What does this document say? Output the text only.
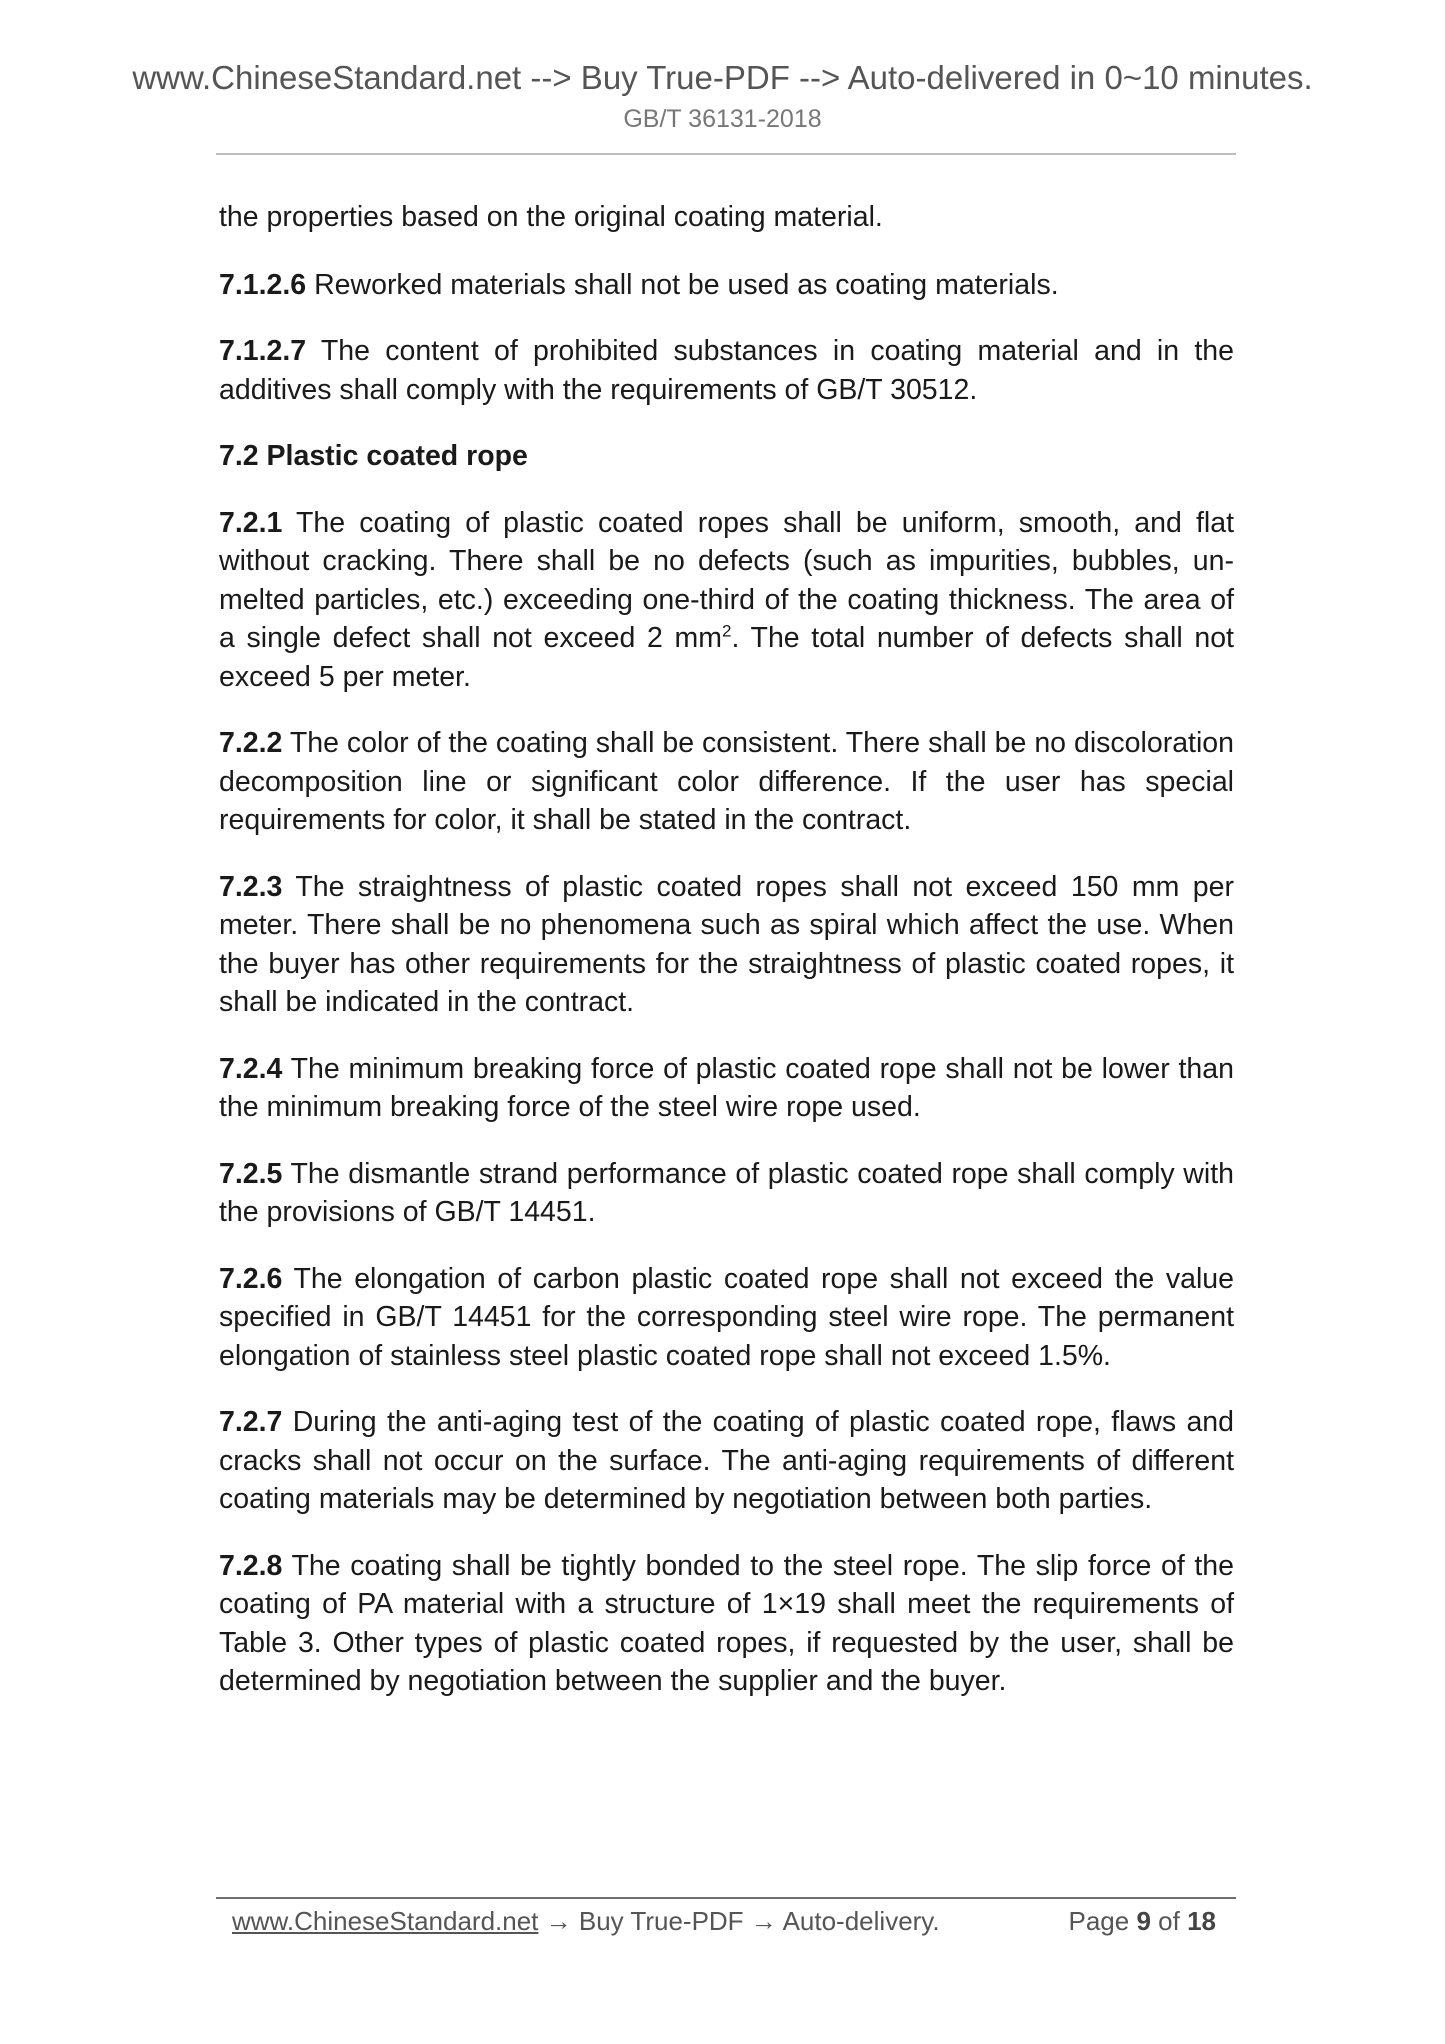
www.ChineseStandard.net --> Buy True-PDF --> Auto-delivered in 0~10 minutes.
GB/T 36131-2018

the properties based on the original coating material.

7.1.2.6 Reworked materials shall not be used as coating materials.

7.1.2.7 The content of prohibited substances in coating material and in the additives shall comply with the requirements of GB/T 30512.

7.2 Plastic coated rope

7.2.1 The coating of plastic coated ropes shall be uniform, smooth, and flat without cracking. There shall be no defects (such as impurities, bubbles, un-melted particles, etc.) exceeding one-third of the coating thickness. The area of a single defect shall not exceed 2 $mm^2$. The total number of defects shall not exceed 5 per meter.

7.2.2 The color of the coating shall be consistent. There shall be no discoloration decomposition line or significant color difference. If the user has special requirements for color, it shall be stated in the contract.

7.2.3 The straightness of plastic coated ropes shall not exceed 150 mm per meter. There shall be no phenomena such as spiral which affect the use. When the buyer has other requirements for the straightness of plastic coated ropes, it shall be indicated in the contract.

7.2.4 The minimum breaking force of plastic coated rope shall not be lower than the minimum breaking force of the steel wire rope used.

7.2.5 The dismantle strand performance of plastic coated rope shall comply with the provisions of GB/T 14451.

7.2.6 The elongation of carbon plastic coated rope shall not exceed the value specified in GB/T 14451 for the corresponding steel wire rope. The permanent elongation of stainless steel plastic coated rope shall not exceed 1.5%.

7.2.7 During the anti-aging test of the coating of plastic coated rope, flaws and cracks shall not occur on the surface. The anti-aging requirements of different coating materials may be determined by negotiation between both parties.

7.2.8 The coating shall be tightly bonded to the steel rope. The slip force of the coating of PA material with a structure of 1×19 shall meet the requirements of Table 3. Other types of plastic coated ropes, if requested by the user, shall be determined by negotiation between the supplier and the buyer.

www.ChineseStandard.net → Buy True-PDF → Auto-delivery.	Page 9 of 18
